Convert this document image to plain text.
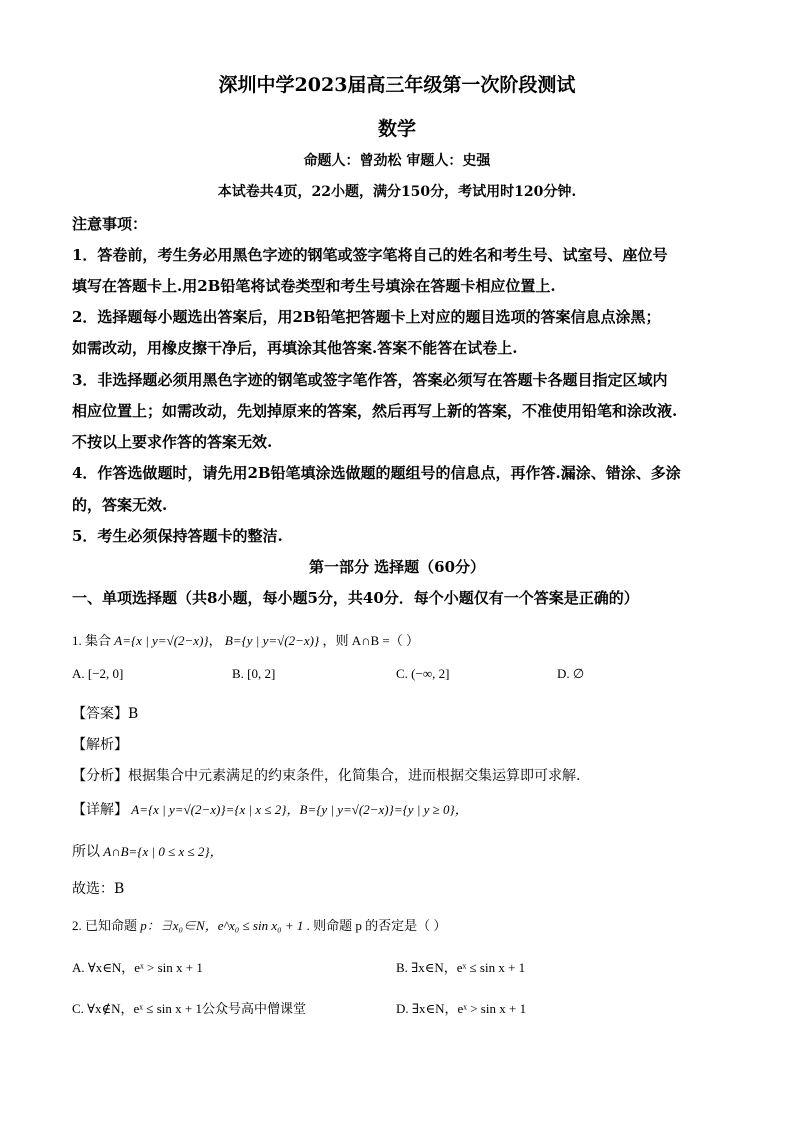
深圳中学2023届高三年级第一次阶段测试
数学
命题人：曾劲松 审题人：史强
本试卷共4页，22小题，满分150分，考试用时120分钟.
注意事项：
1．答卷前，考生务必用黑色字迹的钢笔或签字笔将自己的姓名和考生号、试室号、座位号
填写在答题卡上.用2B铅笔将试卷类型和考生号填涂在答题卡相应位置上.
2．选择题每小题选出答案后，用2B铅笔把答题卡上对应的题目选项的答案信息点涂黑；
如需改动，用橡皮擦干净后，再填涂其他答案.答案不能答在试卷上.
3．非选择题必须用黑色字迹的钢笔或签字笔作答，答案必须写在答题卡各题目指定区域内
相应位置上；如需改动，先划掉原来的答案，然后再写上新的答案，不准使用铅笔和涂改液.
不按以上要求作答的答案无效.
4．作答选做题时，请先用2B铅笔填涂选做题的题组号的信息点，再作答.漏涂、错涂、多涂
的，答案无效.
5．考生必须保持答题卡的整洁.
第一部分 选择题（60分）
一、单项选择题（共8小题，每小题5分，共40分．每个小题仅有一个答案是正确的）
1. 集合 A={x | y=√(2−x)}， B={y | y=√(2−x)} ，则 A∩B =（ ）
A. [−2, 0]	B. [0, 2]	C. (−∞, 2]	D. ∅
【答案】B
【解析】
【分析】根据集合中元素满足的约束条件，化简集合，进而根据交集运算即可求解.
【详解】 A={x | y=√(2−x)}={x | x ≤ 2}，B={y | y=√(2−x)}={y | y ≥ 0}，
所以 A∩B={x | 0 ≤ x ≤ 2}，
故选：B
2. 已知命题 p：∃x₀∈N，e^x₀ ≤ sin x₀ + 1 . 则命题 p 的否定是（ ）
A. ∀x∈N，eˣ > sin x + 1	B. ∃x∈N，eˣ ≤ sin x + 1
C. ∀x∉N，eˣ ≤ sin x + 1公众号高中僧课堂	D. ∃x∈N，eˣ > sin x + 1
